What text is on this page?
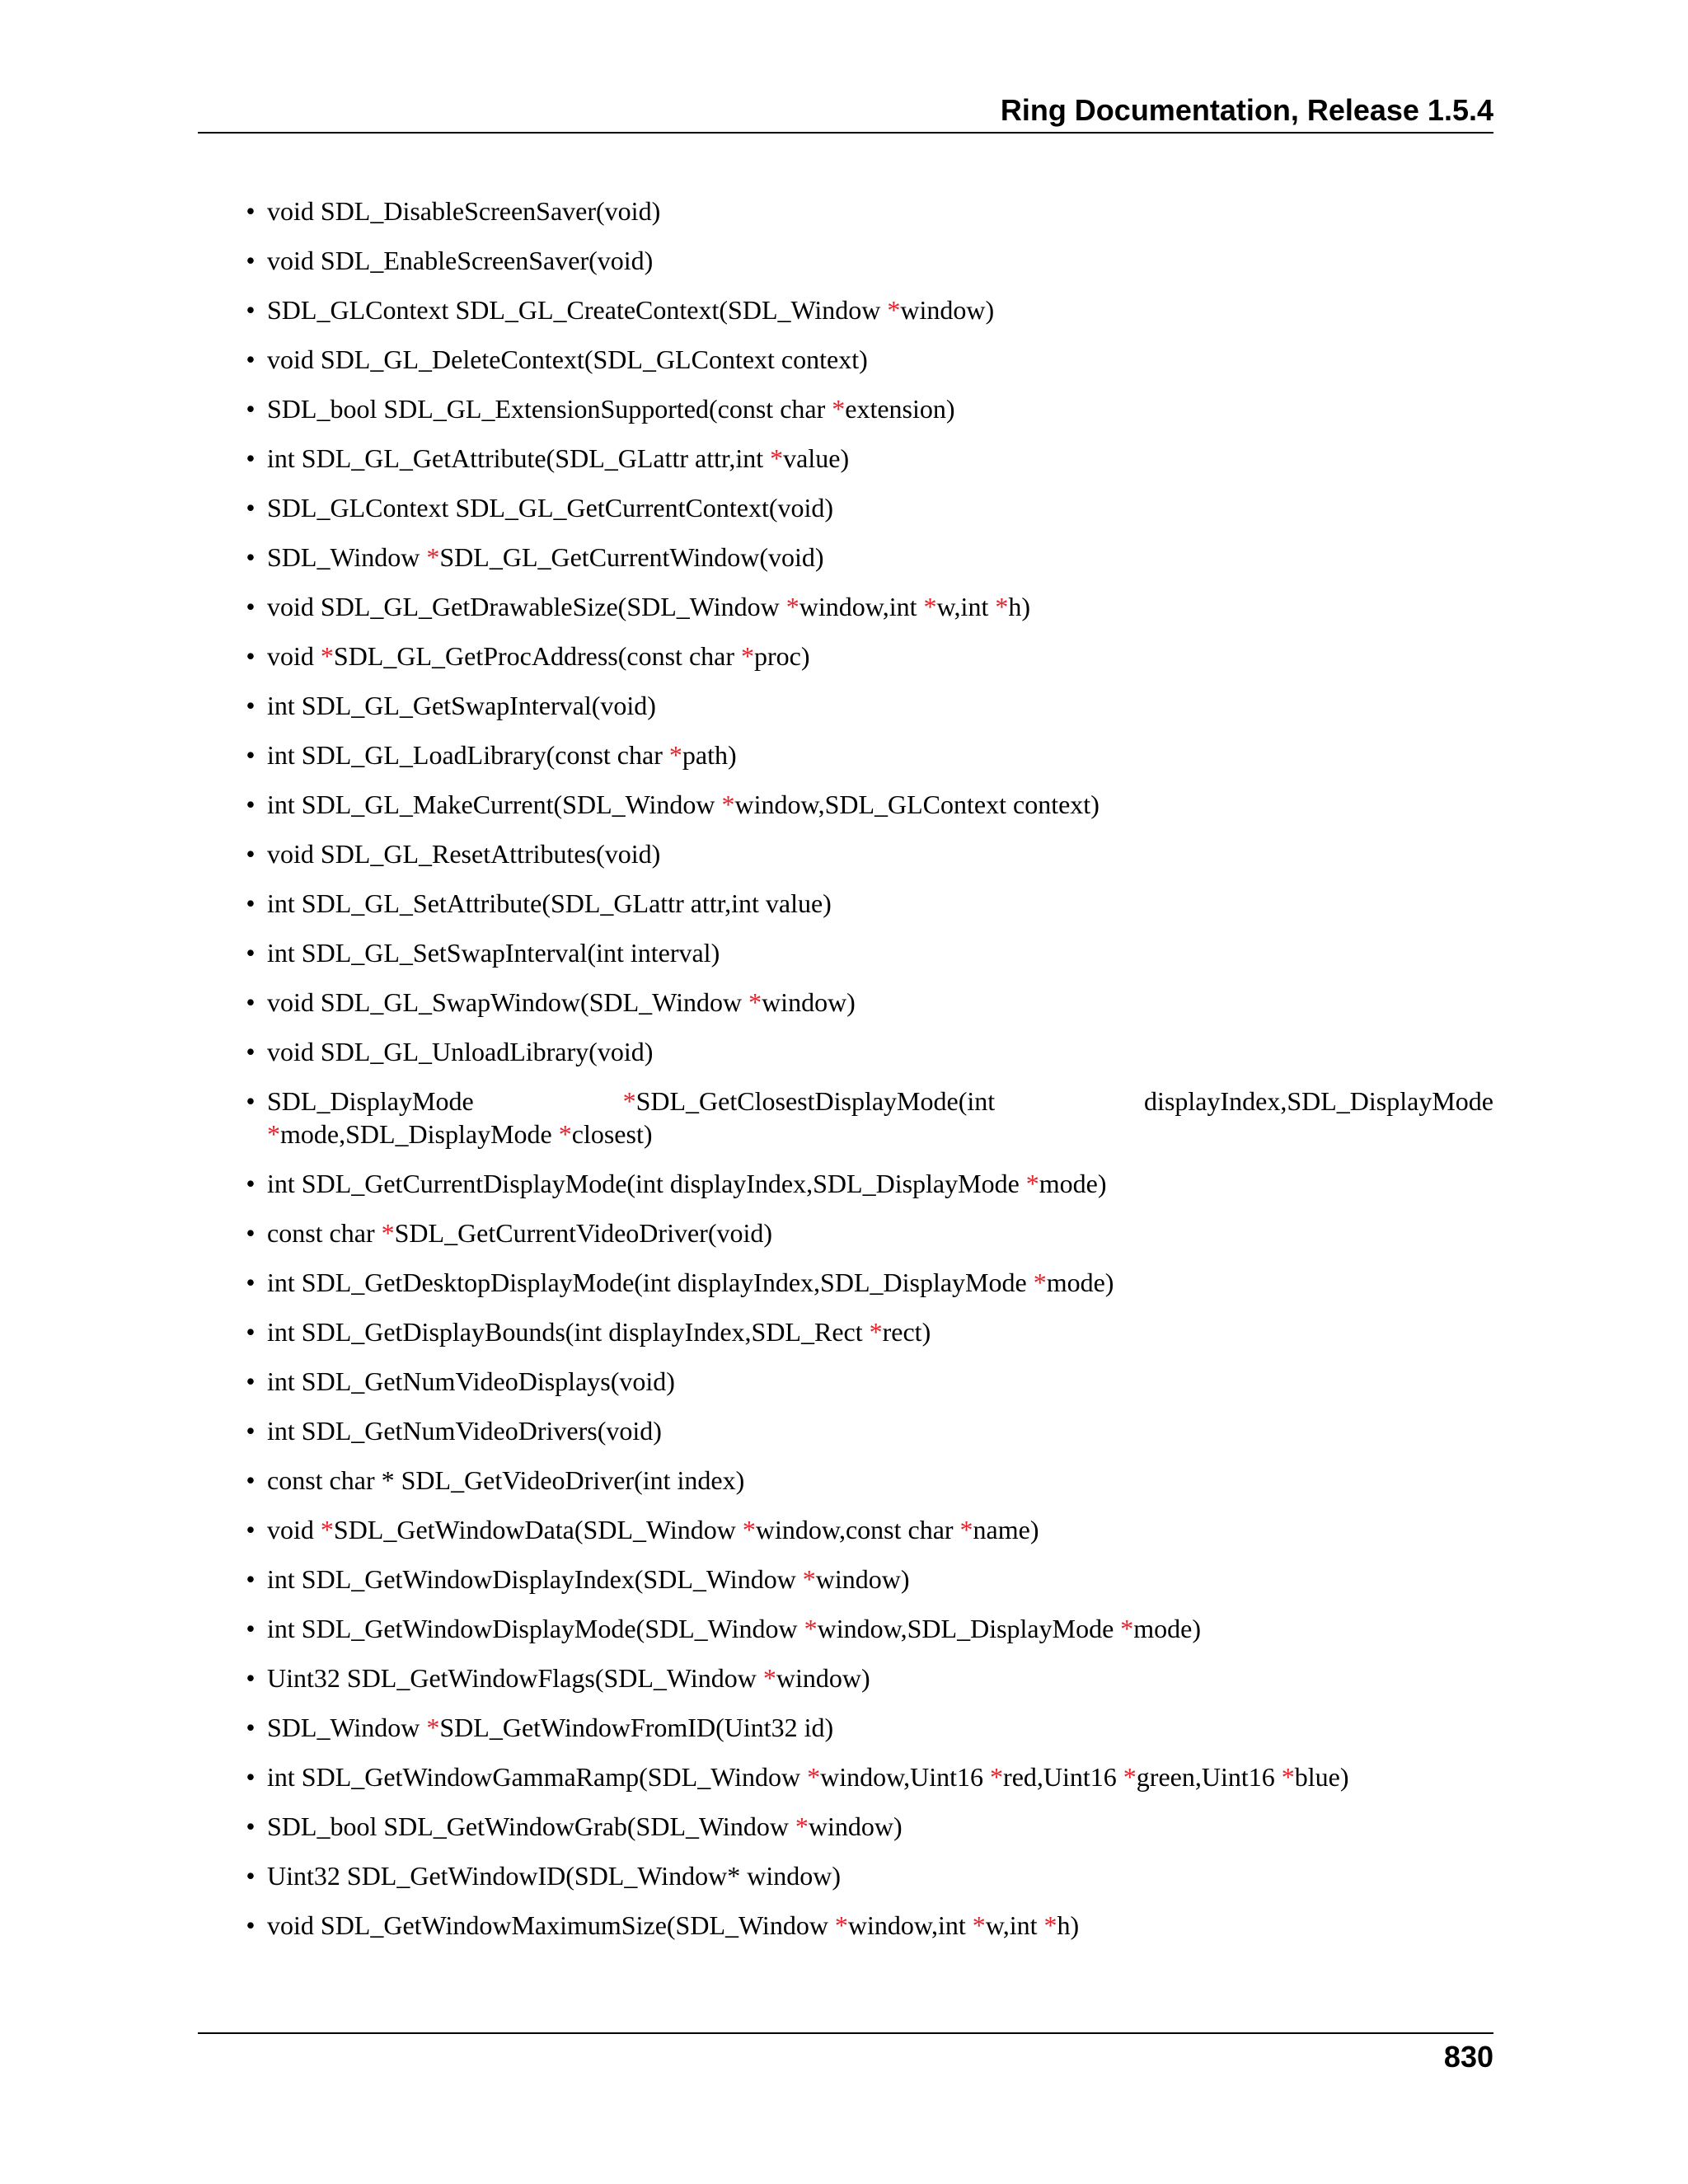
Ring Documentation, Release 1.5.4
• void SDL_DisableScreenSaver(void)
• void SDL_EnableScreenSaver(void)
• SDL_GLContext SDL_GL_CreateContext(SDL_Window *window)
• void SDL_GL_DeleteContext(SDL_GLContext context)
• SDL_bool SDL_GL_ExtensionSupported(const char *extension)
• int SDL_GL_GetAttribute(SDL_GLattr attr,int *value)
• SDL_GLContext SDL_GL_GetCurrentContext(void)
• SDL_Window *SDL_GL_GetCurrentWindow(void)
• void SDL_GL_GetDrawableSize(SDL_Window *window,int *w,int *h)
• void *SDL_GL_GetProcAddress(const char *proc)
• int SDL_GL_GetSwapInterval(void)
• int SDL_GL_LoadLibrary(const char *path)
• int SDL_GL_MakeCurrent(SDL_Window *window,SDL_GLContext context)
• void SDL_GL_ResetAttributes(void)
• int SDL_GL_SetAttribute(SDL_GLattr attr,int value)
• int SDL_GL_SetSwapInterval(int interval)
• void SDL_GL_SwapWindow(SDL_Window *window)
• void SDL_GL_UnloadLibrary(void)
• SDL_DisplayMode *SDL_GetClosestDisplayMode(int displayIndex,SDL_DisplayMode *mode,SDL_DisplayMode *closest)
• int SDL_GetCurrentDisplayMode(int displayIndex,SDL_DisplayMode *mode)
• const char *SDL_GetCurrentVideoDriver(void)
• int SDL_GetDesktopDisplayMode(int displayIndex,SDL_DisplayMode *mode)
• int SDL_GetDisplayBounds(int displayIndex,SDL_Rect *rect)
• int SDL_GetNumVideoDisplays(void)
• int SDL_GetNumVideoDrivers(void)
• const char * SDL_GetVideoDriver(int index)
• void *SDL_GetWindowData(SDL_Window *window,const char *name)
• int SDL_GetWindowDisplayIndex(SDL_Window *window)
• int SDL_GetWindowDisplayMode(SDL_Window *window,SDL_DisplayMode *mode)
• Uint32 SDL_GetWindowFlags(SDL_Window *window)
• SDL_Window *SDL_GetWindowFromID(Uint32 id)
• int SDL_GetWindowGammaRamp(SDL_Window *window,Uint16 *red,Uint16 *green,Uint16 *blue)
• SDL_bool SDL_GetWindowGrab(SDL_Window *window)
• Uint32 SDL_GetWindowID(SDL_Window* window)
• void SDL_GetWindowMaximumSize(SDL_Window *window,int *w,int *h)
830
